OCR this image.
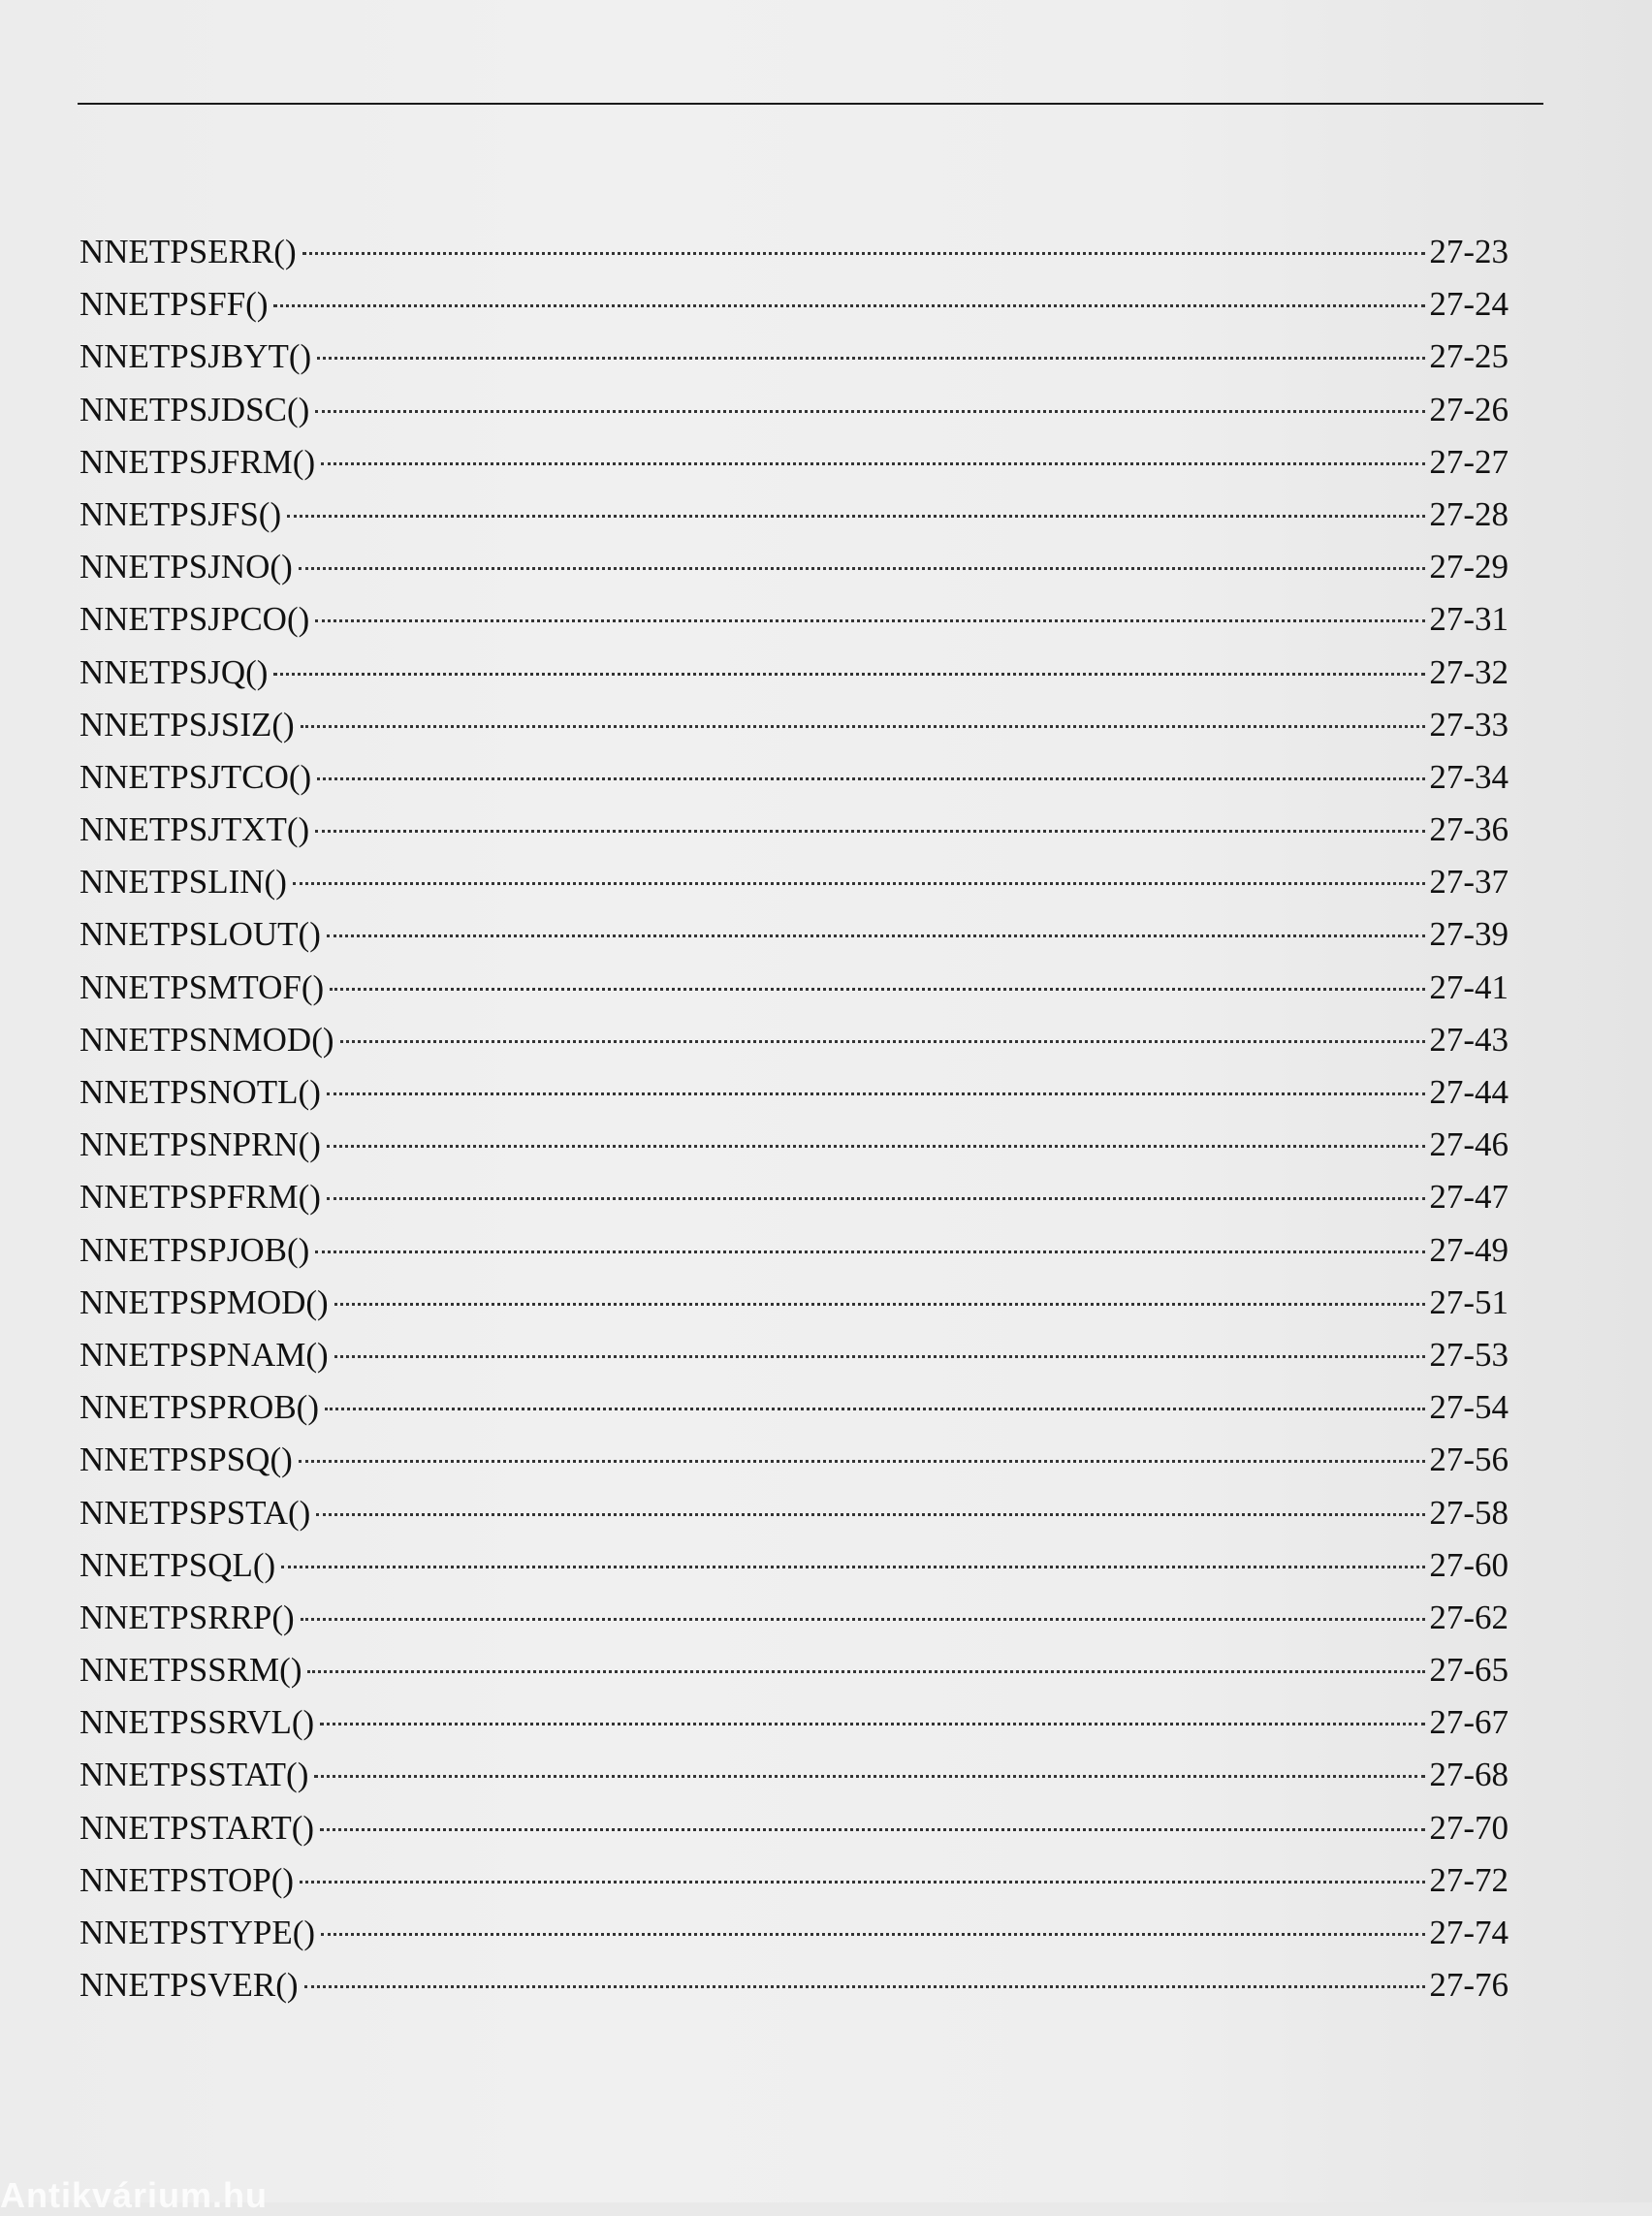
NNETPSERR()	27-23
NNETPSFF()	27-24
NNETPSJBYT()	27-25
NNETPSJDSC()	27-26
NNETPSJFRM()	27-27
NNETPSJFS()	27-28
NNETPSJNO()	27-29
NNETPSJPCO()	27-31
NNETPSJQ()	27-32
NNETPSJSIZ()	27-33
NNETPSJTCO()	27-34
NNETPSJTXT()	27-36
NNETPSLIN()	27-37
NNETPSLOUT()	27-39
NNETPSMTOF()	27-41
NNETPSNMOD()	27-43
NNETPSNOTL()	27-44
NNETPSNPRN()	27-46
NNETPSPFRM()	27-47
NNETPSPJOB()	27-49
NNETPSPMOD()	27-51
NNETPSPNAM()	27-53
NNETPSPROB()	27-54
NNETPSPSQ()	27-56
NNETPSPSTA()	27-58
NNETPSQL()	27-60
NNETPSRRP()	27-62
NNETPSSRM()	27-65
NNETPSSRVL()	27-67
NNETPSSTAT()	27-68
NNETPSTART()	27-70
NNETPSTOP()	27-72
NNETPSTYPE()	27-74
NNETPSVER()	27-76
Antikvárium.hu
